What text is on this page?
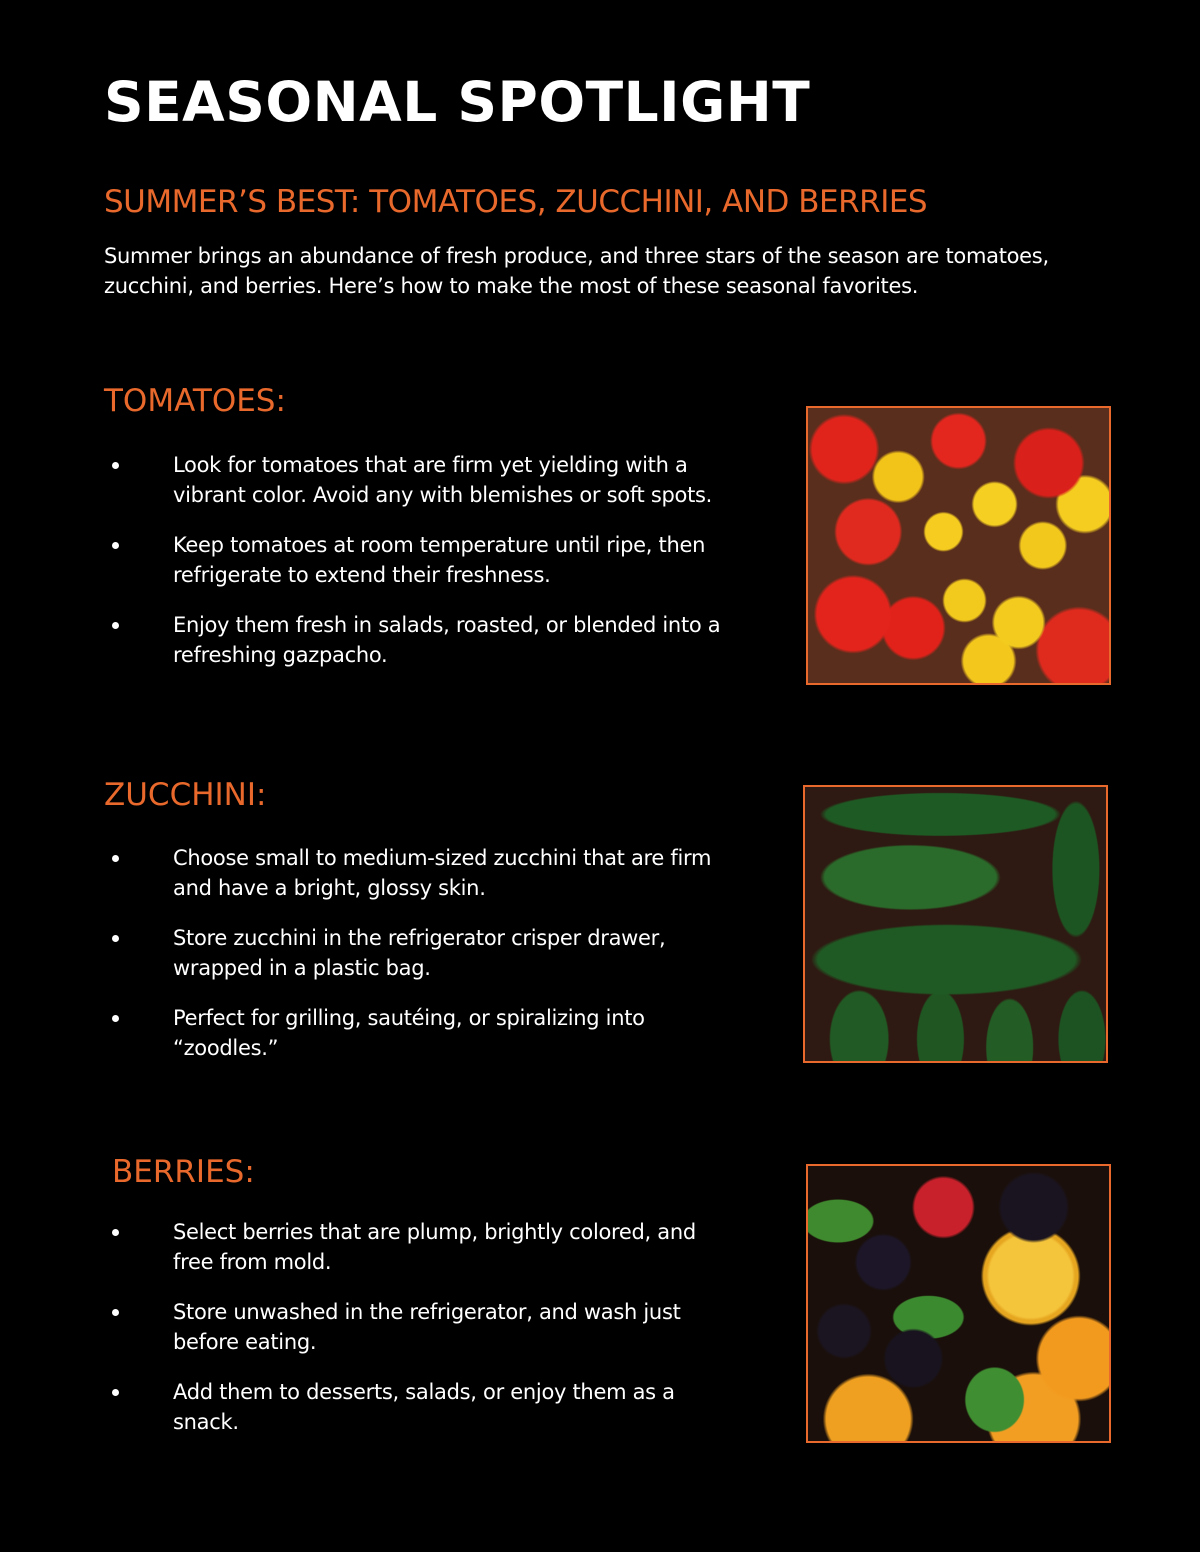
SEASONAL SPOTLIGHT
SUMMER’S BEST: TOMATOES, ZUCCHINI, AND BERRIES

Summer brings an abundance of fresh produce, and three stars of the season are tomatoes, zucchini, and berries. Here’s how to make the most of these seasonal favorites.

TOMATOES:
Look for tomatoes that are firm yet yielding with a vibrant color. Avoid any with blemishes or soft spots.
Keep tomatoes at room temperature until ripe, then refrigerate to extend their freshness.
Enjoy them fresh in salads, roasted, or blended into a refreshing gazpacho.
ZUCCHINI:
Choose small to medium-sized zucchini that are firm and have a bright, glossy skin.
Store zucchini in the refrigerator crisper drawer, wrapped in a plastic bag.
Perfect for grilling, sautéing, or spiralizing into “zoodles.”
BERRIES:
Select berries that are plump, brightly colored, and free from mold.
Store unwashed in the refrigerator, and wash just before eating.
Add them to desserts, salads, or enjoy them as a snack.
